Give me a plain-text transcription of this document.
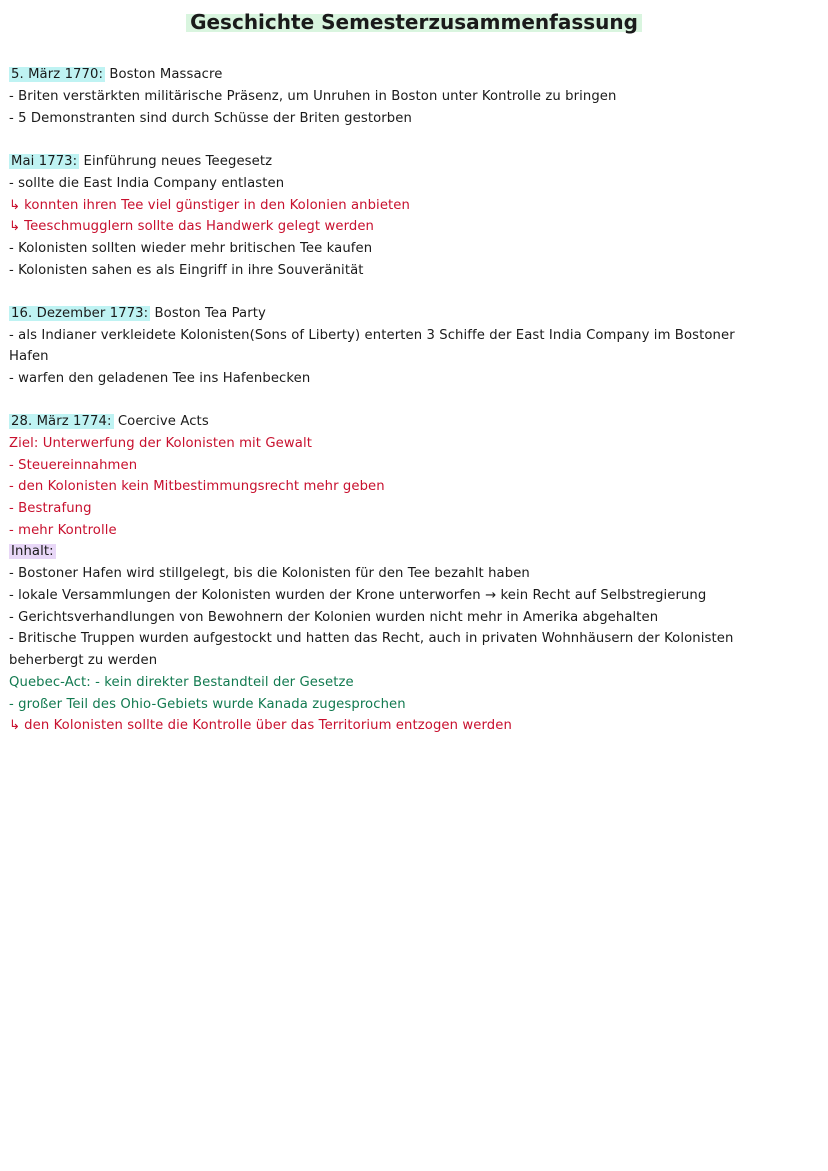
Geschichte Semesterzusammenfassung
5. März 1770: Boston Massacre
- Briten verstärkten militärische Präsenz, um Unruhen in Boston unter Kontrolle zu bringen
- 5 Demonstranten sind durch Schüsse der Briten gestorben
Mai 1773: Einführung neues Teegesetz
- sollte die East India Company entlasten
↳ konnten ihren Tee viel günstiger in den Kolonien anbieten
↳ Teeschmugglern sollte das Handwerk gelegt werden
- Kolonisten sollten wieder mehr britischen Tee kaufen
- Kolonisten sahen es als Eingriff in ihre Souveränität
16. Dezember 1773: Boston Tea Party
- als Indianer verkleidete Kolonisten(Sons of Liberty) enterten 3 Schiffe der East India Company im Bostoner
Hafen
- warfen den geladenen Tee ins Hafenbecken
28. März 1774: Coercive Acts
Ziel: Unterwerfung der Kolonisten mit Gewalt
- Steuereinnahmen
- den Kolonisten kein Mitbestimmungsrecht mehr geben
- Bestrafung
- mehr Kontrolle
Inhalt:
- Bostoner Hafen wird stillgelegt, bis die Kolonisten für den Tee bezahlt haben
- lokale Versammlungen der Kolonisten wurden der Krone unterworfen → kein Recht auf Selbstregierung
- Gerichtsverhandlungen von Bewohnern der Kolonien wurden nicht mehr in Amerika abgehalten
- Britische Truppen wurden aufgestockt und hatten das Recht, auch in privaten Wohnhäusern der Kolonisten
beherbergt zu werden
Quebec-Act: - kein direkter Bestandteil der Gesetze
- großer Teil des Ohio-Gebiets wurde Kanada zugesprochen
↳ den Kolonisten sollte die Kontrolle über das Territorium entzogen werden
